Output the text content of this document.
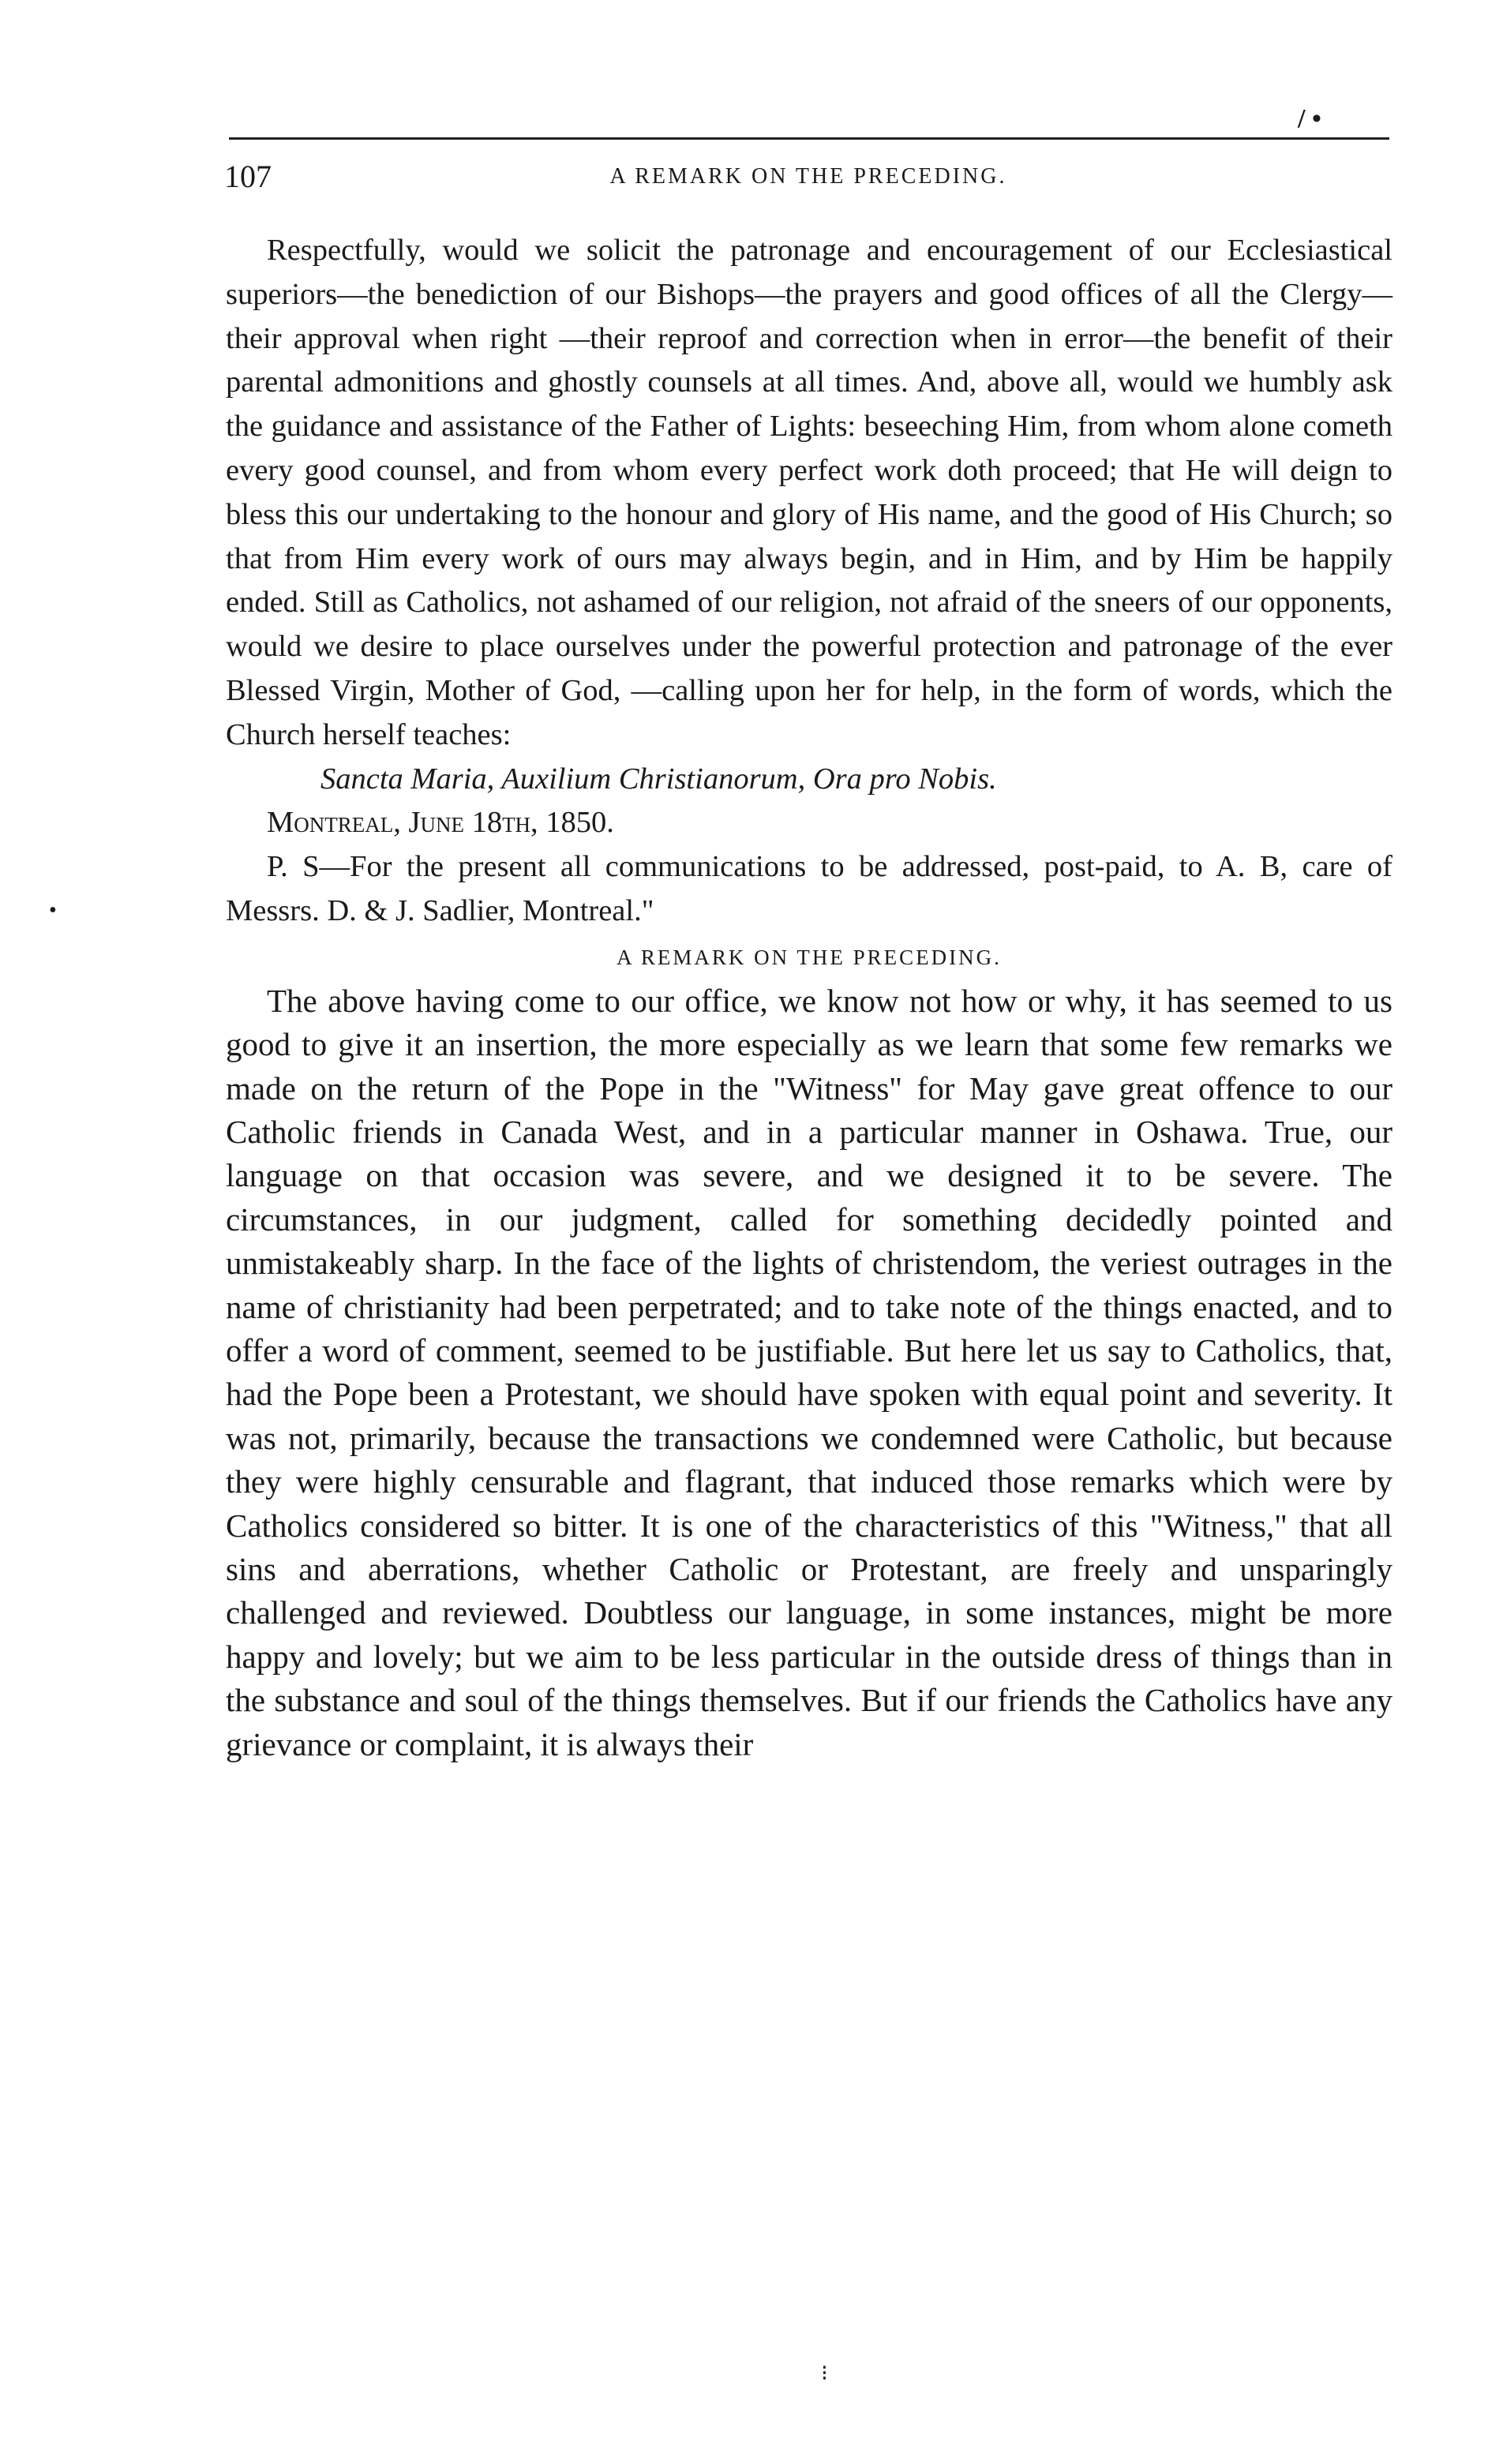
/ •
107	A REMARK ON THE PRECEDING.

Respectfully, would we solicit the patronage and encouragement of our Ecclesiastical superiors—the benediction of our Bishops—the prayers and good offices of all the Clergy—their approval when right —their reproof and correction when in error—the benefit of their parental admonitions and ghostly counsels at all times. And, above all, would we humbly ask the guidance and assistance of the Father of Lights: beseeching Him, from whom alone cometh every good counsel, and from whom every perfect work doth proceed; that He will deign to bless this our undertaking to the honour and glory of His name, and the good of His Church; so that from Him every work of ours may always begin, and in Him, and by Him be happily ended. Still as Catholics, not ashamed of our religion, not afraid of the sneers of our opponents, would we desire to place ourselves under the powerful protection and patronage of the ever Blessed Virgin, Mother of God, —calling upon her for help, in the form of words, which the Church herself teaches:

Sancta Maria, Auxilium Christianorum, Ora pro Nobis.

Montreal, June 18th, 1850.

P. S—For the present all communications to be addressed, post-paid, to A. B, care of Messrs. D. & J. Sadlier, Montreal."

A REMARK ON THE PRECEDING.

The above having come to our office, we know not how or why, it has seemed to us good to give it an insertion, the more especially as we learn that some few remarks we made on the return of the Pope in the "Witness" for May gave great offence to our Catholic friends in Canada West, and in a particular manner in Oshawa. True, our language on that occasion was severe, and we designed it to be severe. The circumstances, in our judgment, called for something decidedly pointed and unmistakeably sharp. In the face of the lights of christendom, the veriest outrages in the name of christianity had been perpetrated; and to take note of the things enacted, and to offer a word of comment, seemed to be justifiable. But here let us say to Catholics, that, had the Pope been a Protestant, we should have spoken with equal point and severity. It was not, primarily, because the transactions we condemned were Catholic, but because they were highly censurable and flagrant, that induced those remarks which were by Catholics considered so bitter. It is one of the characteristics of this "Witness," that all sins and aberrations, whether Catholic or Protestant, are freely and unsparingly challenged and reviewed. Doubtless our language, in some instances, might be more happy and lovely; but we aim to be less particular in the outside dress of things than in the substance and soul of the things themselves. But if our friends the Catholics have any grievance or complaint, it is always their

•
⁝
